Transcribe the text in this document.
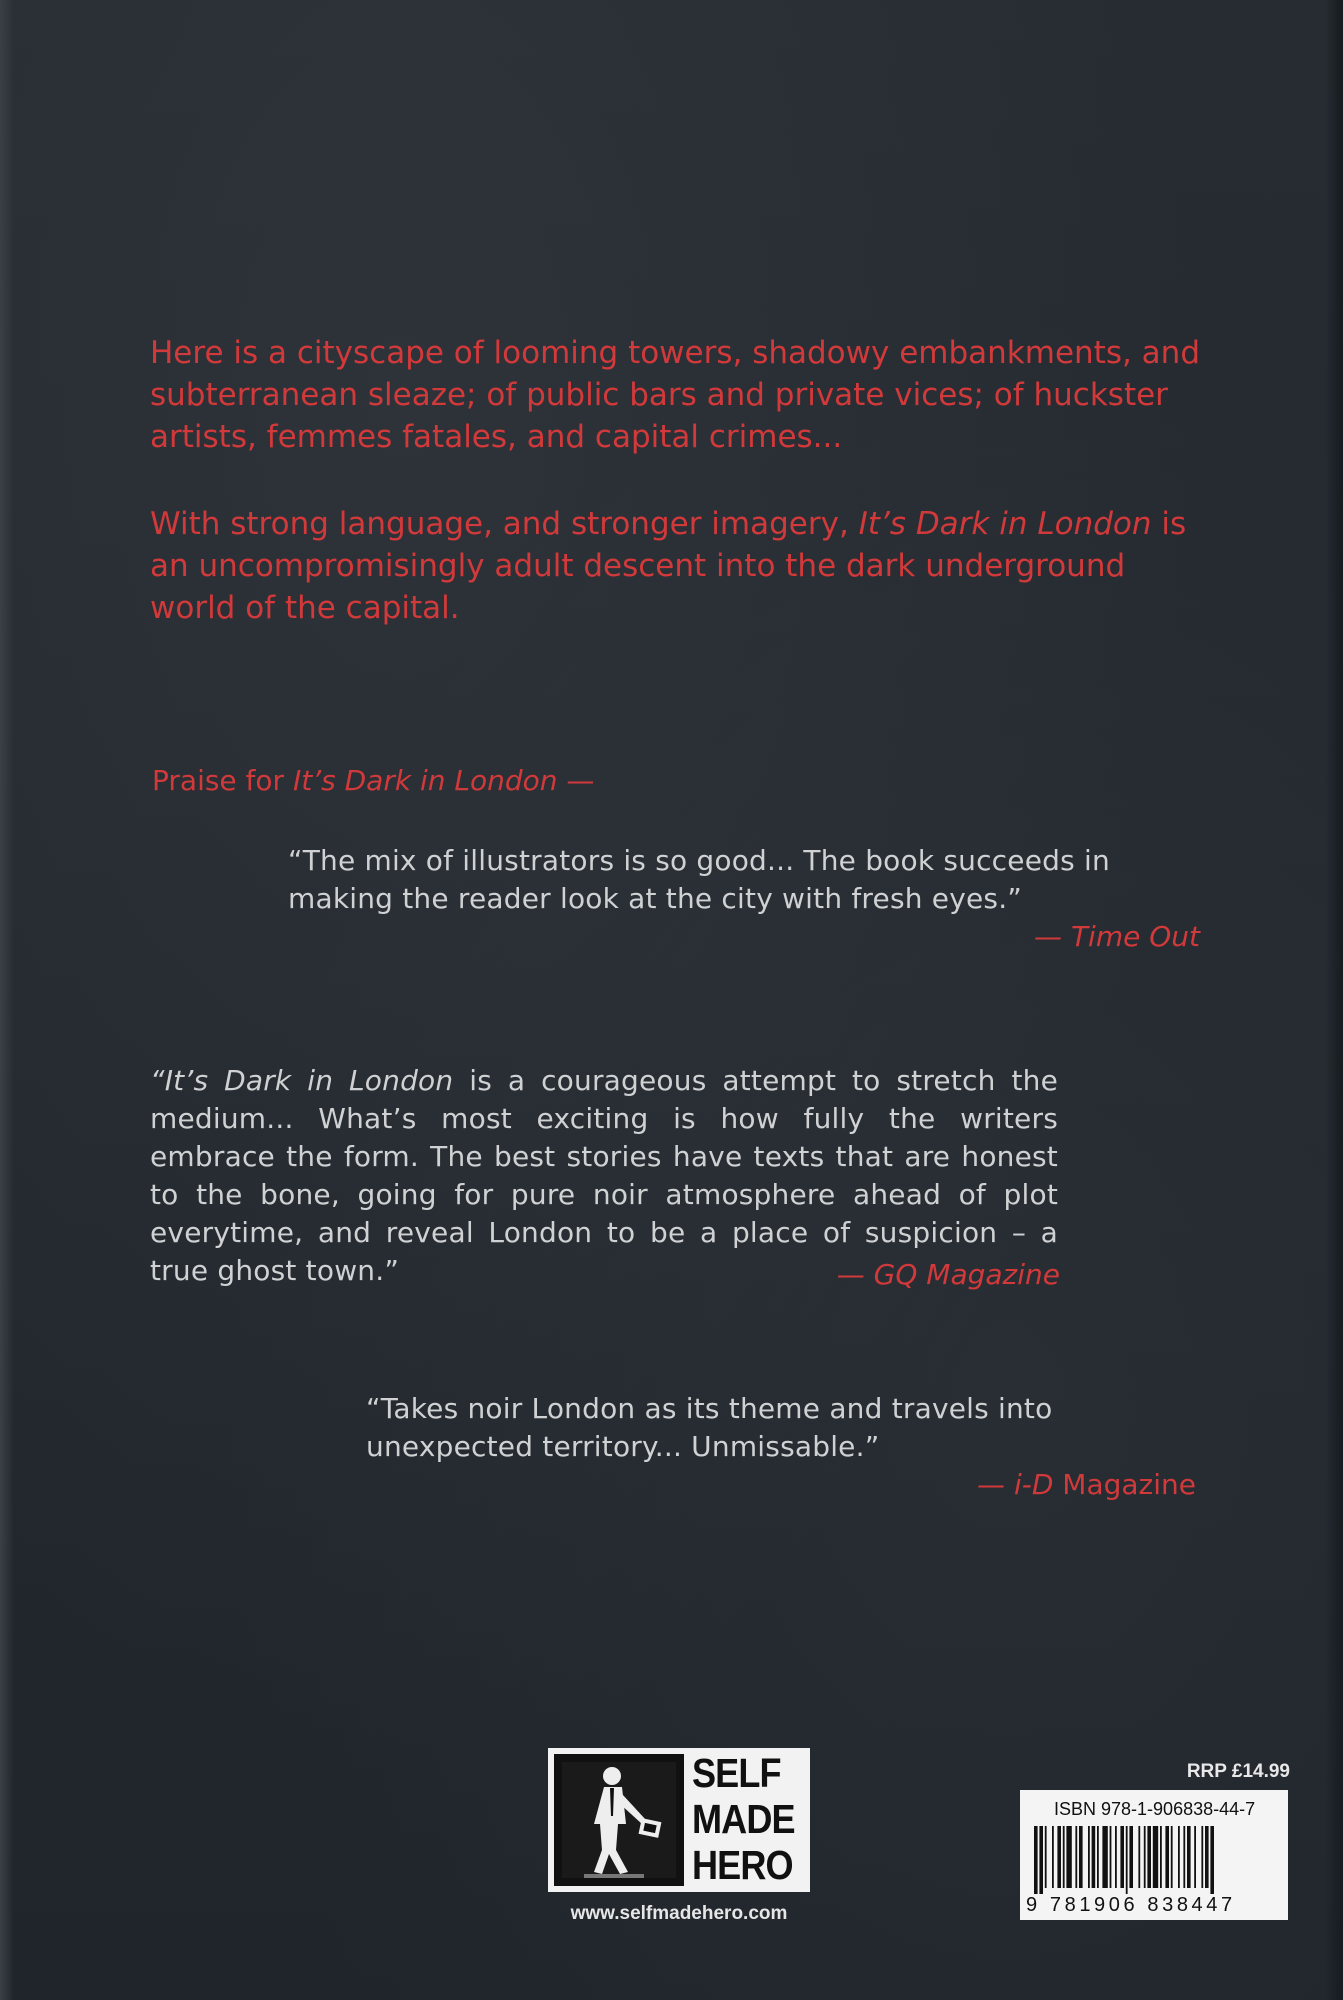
Here is a cityscape of looming towers, shadowy embankments, and subterranean sleaze; of public bars and private vices; of huckster artists, femmes fatales, and capital crimes...

With strong language, and stronger imagery, It’s Dark in London is an uncompromisingly adult descent into the dark underground world of the capital.

Praise for It’s Dark in London —

“The mix of illustrators is so good... The book succeeds in making the reader look at the city with fresh eyes.”

— Time Out

“It’s Dark in London is a courageous attempt to stretch the medium... What’s most exciting is how fully the writers embrace the form. The best stories have texts that are honest to the bone, going for pure noir atmosphere ahead of plot everytime, and reveal London to be a place of suspicion – a true ghost town.”	— GQ Magazine

“Takes noir London as its theme and travels into unexpected territory... Unmissable.”

— i-D Magazine

SELF
MADE
HERO
www.selfmadehero.com
RRP £14.99
ISBN 978-1-906838-44-7
9 781906 838447
